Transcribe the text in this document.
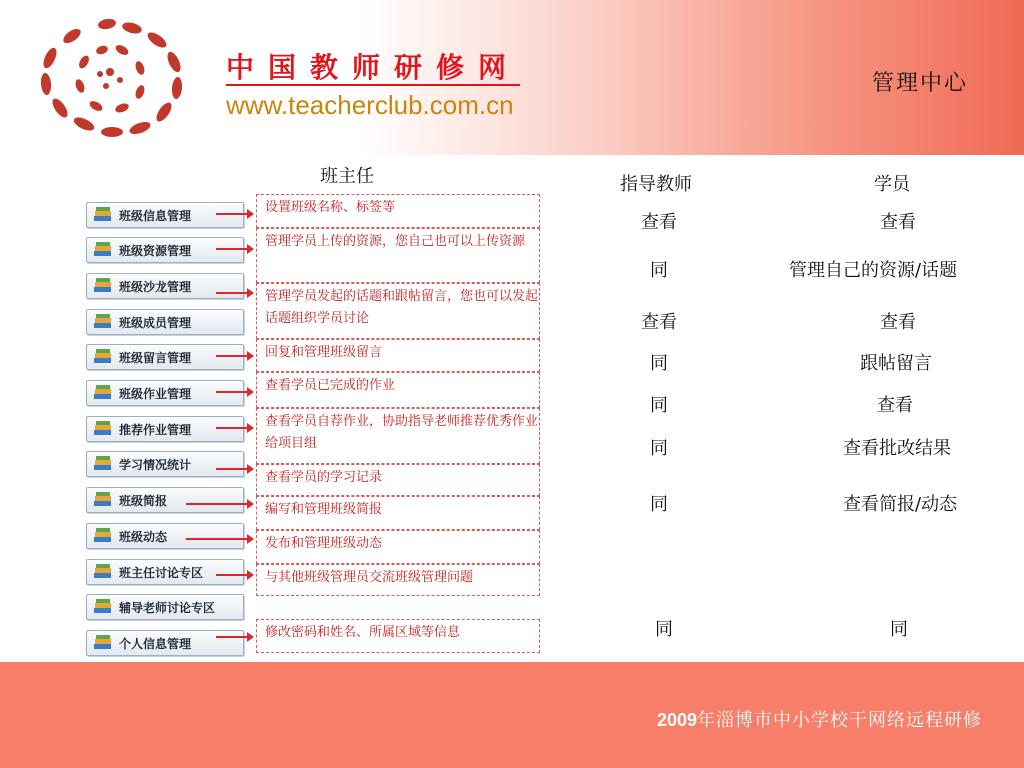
中国教师研修网
www.teacherclub.com.cn
管理中心
班主任	指导教师	学员
班级信息管理
班级资源管理
班级沙龙管理
班级成员管理
班级留言管理
班级作业管理
推荐作业管理
学习情况统计
班级简报
班级动态
班主任讨论专区
辅导老师讨论专区
个人信息管理
设置班级名称、标签等
管理学员上传的资源，您自己也可以上传资源
管理学员发起的话题和跟帖留言，您也可以发起话题组织学员讨论
回复和管理班级留言
查看学员已完成的作业
查看学员自荐作业，协助指导老师推荐优秀作业给项目组
查看学员的学习记录
编写和管理班级简报
发布和管理班级动态
与其他班级管理员交流班级管理问题
修改密码和姓名、所属区域等信息
查看
同
查看
同
同
同
同
同
查看
管理自己的资源/话题
查看
跟帖留言
查看
查看批改结果
查看简报/动态
同
2009年淄博市中小学校干网络远程研修
